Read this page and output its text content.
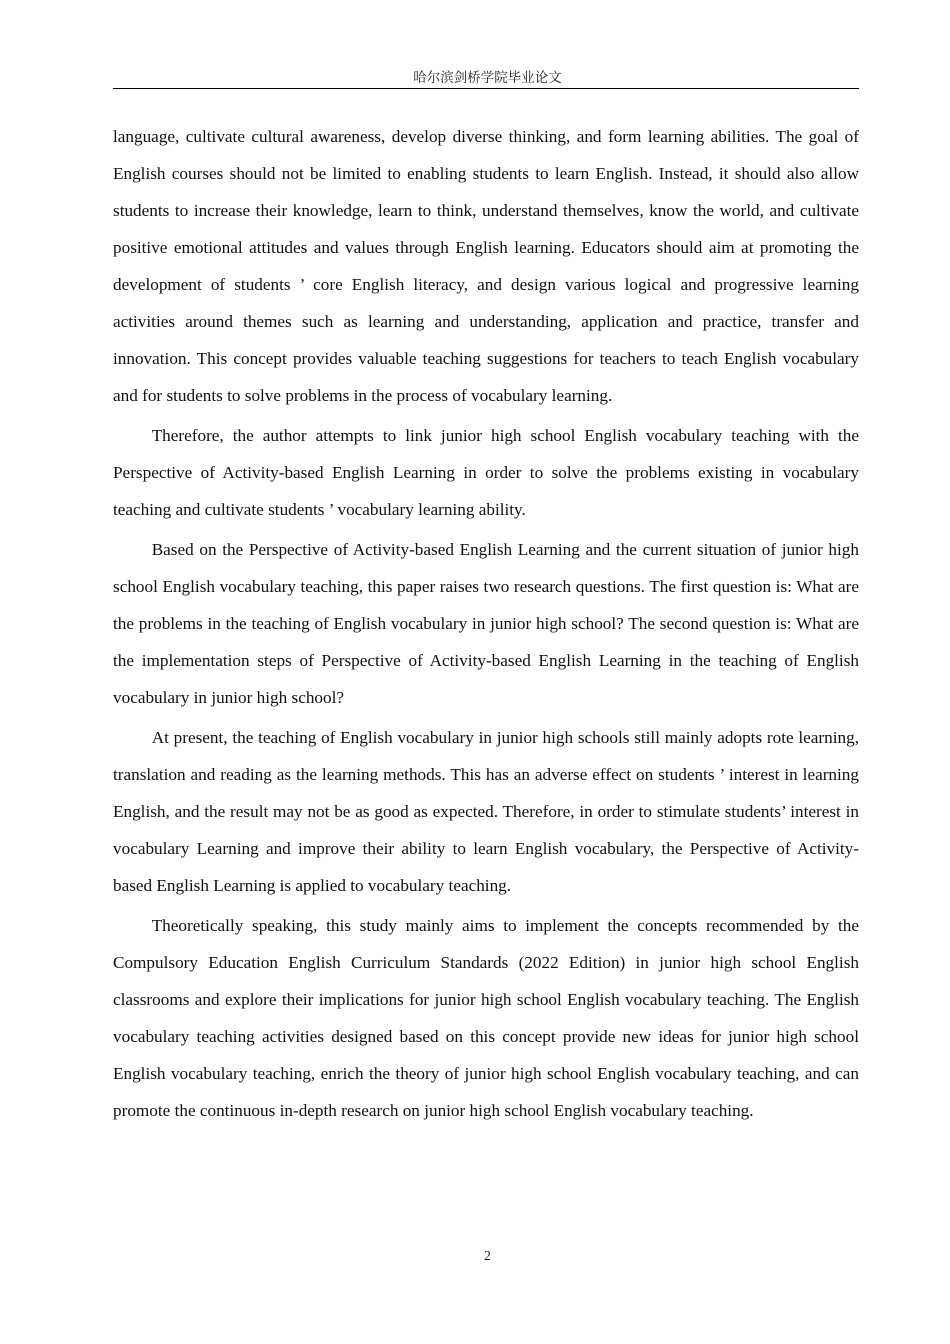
哈尔滨剑桥学院毕业论文

language, cultivate cultural awareness, develop diverse thinking, and form learning abilities. The goal of English courses should not be limited to enabling students to learn English. Instead, it should also allow students to increase their knowledge, learn to think, understand themselves, know the world, and cultivate positive emotional attitudes and values through English learning. Educators should aim at promoting the development of students ’ core English literacy, and design various logical and progressive learning activities around themes such as learning and understanding, application and practice, transfer and innovation. This concept provides valuable teaching suggestions for teachers to teach English vocabulary and for students to solve problems in the process of vocabulary learning.

Therefore, the author attempts to link junior high school English vocabulary teaching with the Perspective of Activity-based English Learning in order to solve the problems existing in vocabulary teaching and cultivate students ’ vocabulary learning ability.

Based on the Perspective of Activity-based English Learning and the current situation of junior high school English vocabulary teaching, this paper raises two research questions. The first question is: What are the problems in the teaching of English vocabulary in junior high school? The second question is: What are the implementation steps of Perspective of Activity-based English Learning in the teaching of English vocabulary in junior high school?

At present, the teaching of English vocabulary in junior high schools still mainly adopts rote learning, translation and reading as the learning methods. This has an adverse effect on students ’ interest in learning English, and the result may not be as good as expected. Therefore, in order to stimulate students’ interest in vocabulary Learning and improve their ability to learn English vocabulary, the Perspective of Activity-based English Learning is applied to vocabulary teaching.

Theoretically speaking, this study mainly aims to implement the concepts recommended by the Compulsory Education English Curriculum Standards (2022 Edition) in junior high school English classrooms and explore their implications for junior high school English vocabulary teaching. The English vocabulary teaching activities designed based on this concept provide new ideas for junior high school English vocabulary teaching, enrich the theory of junior high school English vocabulary teaching, and can promote the continuous in-depth research on junior high school English vocabulary teaching.

2
